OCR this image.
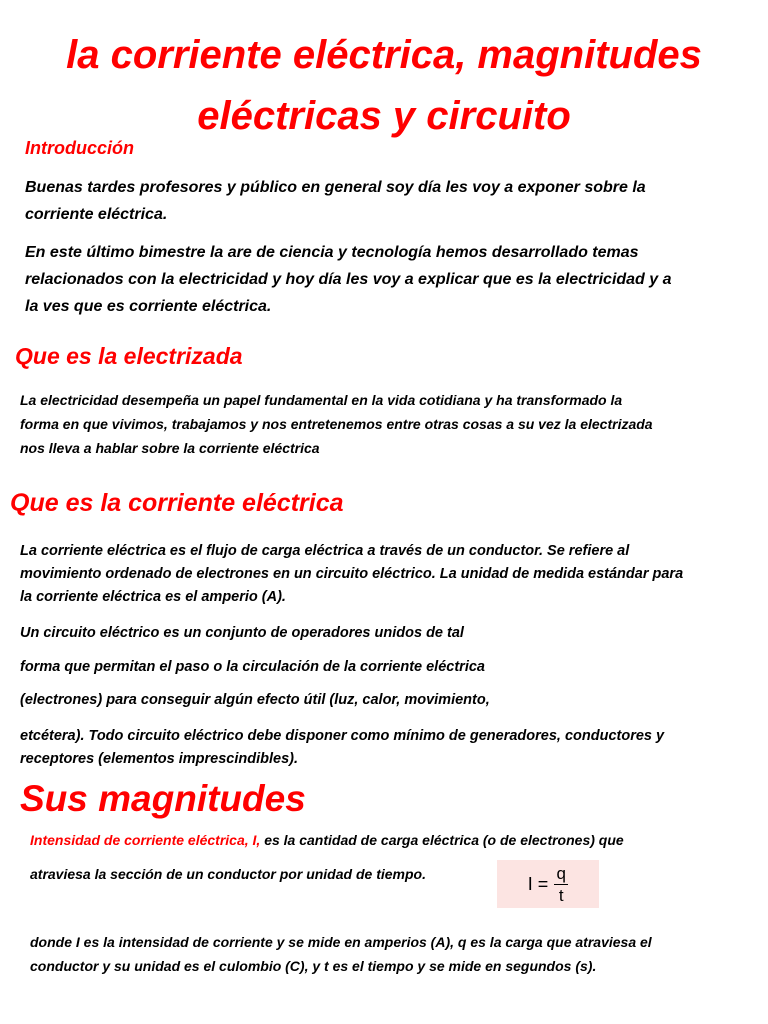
la corriente eléctrica, magnitudes
eléctricas y circuito
Introducción
Buenas tardes profesores y público en general soy día les voy a exponer sobre la
corriente eléctrica.
En este último bimestre la are de ciencia y tecnología hemos desarrollado temas
relacionados con la electricidad y hoy día les voy a explicar que es la electricidad y a
la ves que es corriente eléctrica.
Que es la electrizada
La electricidad desempeña un papel fundamental en la vida cotidiana y ha transformado la
forma en que vivimos, trabajamos y nos entretenemos entre otras cosas a su vez la electrizada
nos lleva a hablar sobre la corriente eléctrica
Que es la corriente eléctrica
La corriente eléctrica es el flujo de carga eléctrica a través de un conductor. Se refiere al
movimiento ordenado de electrones en un circuito eléctrico. La unidad de medida estándar para
la corriente eléctrica es el amperio (A).
Un circuito eléctrico es un conjunto de operadores unidos de tal
forma que permitan el paso o la circulación de la corriente eléctrica
(electrones) para conseguir algún efecto útil (luz, calor, movimiento,
etcétera). Todo circuito eléctrico debe disponer como mínimo de generadores, conductores y
receptores (elementos imprescindibles).
Sus magnitudes
Intensidad de corriente eléctrica, I, es la cantidad de carga eléctrica (o de electrones) que
atraviesa la sección de un conductor por unidad de tiempo.	$I = \frac{q}{t}$
donde I es la intensidad de corriente y se mide en amperios (A), q es la carga que atraviesa el
conductor y su unidad es el culombio (C), y t es el tiempo y se mide en segundos (s).
